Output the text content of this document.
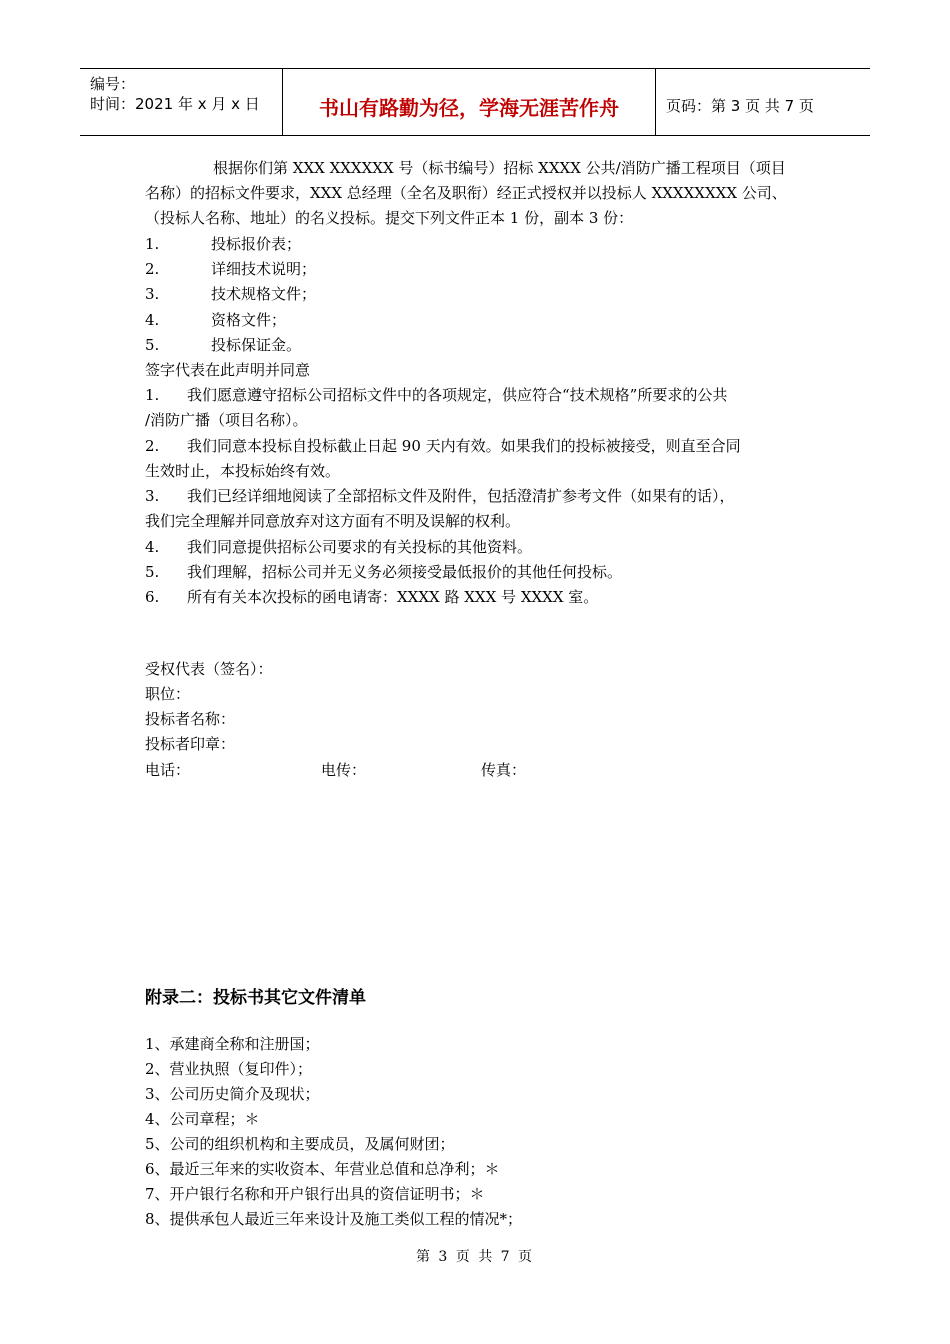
编号：
时间：2021 年 x 月 x 日	书山有路勤为径，学海无涯苦作舟	页码：第 3 页 共 7 页
根据你们第 XXX XXXXXX 号（标书编号）招标 XXXX 公共/消防广播工程项目（项目
名称）的招标文件要求，XXX 总经理（全名及职衔）经正式授权并以投标人 XXXXXXXX 公司、
（投标人名称、地址）的名义投标。提交下列文件正本 1 份，副本 3 份：
1.	投标报价表；
2.	详细技术说明；
3.	技术规格文件；
4.	资格文件；
5.	投标保证金。
签字代表在此声明并同意
1. 我们愿意遵守招标公司招标文件中的各项规定，供应符合“技术规格”所要求的公共
/消防广播（项目名称）。
2. 我们同意本投标自投标截止日起 90 天内有效。如果我们的投标被接受，则直至合同
生效时止，本投标始终有效。
3. 我们已经详细地阅读了全部招标文件及附件，包括澄清扩参考文件（如果有的话），
我们完全理解并同意放弃对这方面有不明及误解的权利。
4. 我们同意提供招标公司要求的有关投标的其他资料。
5. 我们理解，招标公司并无义务必须接受最低报价的其他任何投标。
6. 所有有关本次投标的函电请寄：XXXX 路 XXX 号 XXXX 室。
受权代表（签名）：
职位：
投标者名称：
投标者印章：
电话：	电传：	传真：
附录二：投标书其它文件清单
1、承建商全称和注册国；
2、营业执照（复印件）；
3、公司历史简介及现状；
4、公司章程；＊
5、公司的组织机构和主要成员，及属何财团；
6、最近三年来的实收资本、年营业总值和总净利；＊
7、开户银行名称和开户银行出具的资信证明书；＊
8、提供承包人最近三年来设计及施工类似工程的情况*；
第 3 页 共 7 页
